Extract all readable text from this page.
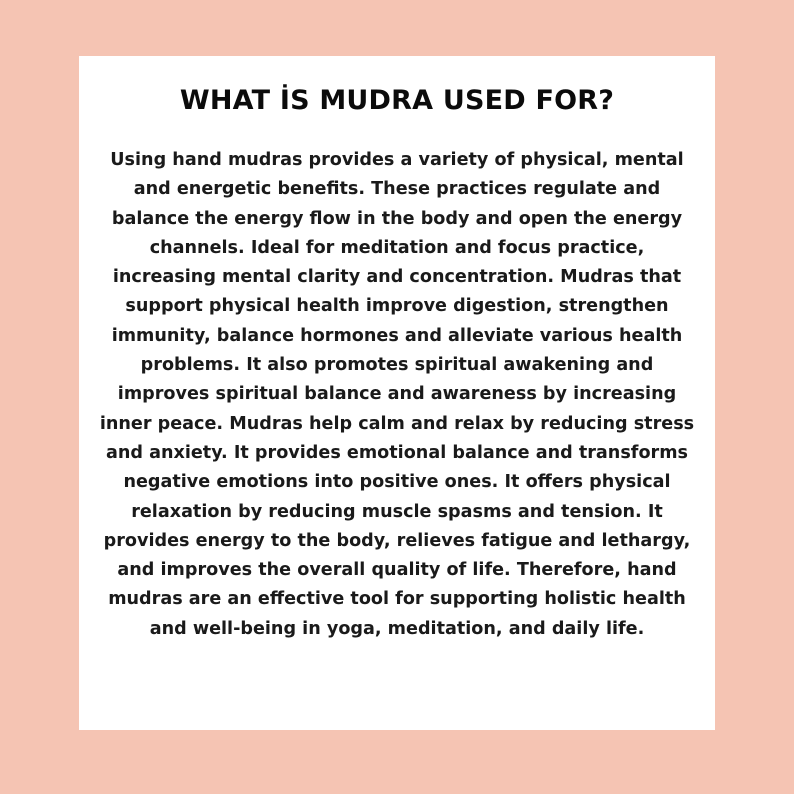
WHAT İS MUDRA USED FOR?

Using hand mudras provides a variety of physical, mental
and energetic benefits. These practices regulate and
balance the energy flow in the body and open the energy
channels. Ideal for meditation and focus practice,
increasing mental clarity and concentration. Mudras that
support physical health improve digestion, strengthen
immunity, balance hormones and alleviate various health
problems. It also promotes spiritual awakening and
improves spiritual balance and awareness by increasing
inner peace. Mudras help calm and relax by reducing stress
and anxiety. It provides emotional balance and transforms
negative emotions into positive ones. It offers physical
relaxation by reducing muscle spasms and tension. It
provides energy to the body, relieves fatigue and lethargy,
and improves the overall quality of life. Therefore, hand
mudras are an effective tool for supporting holistic health
and well-being in yoga, meditation, and daily life.
